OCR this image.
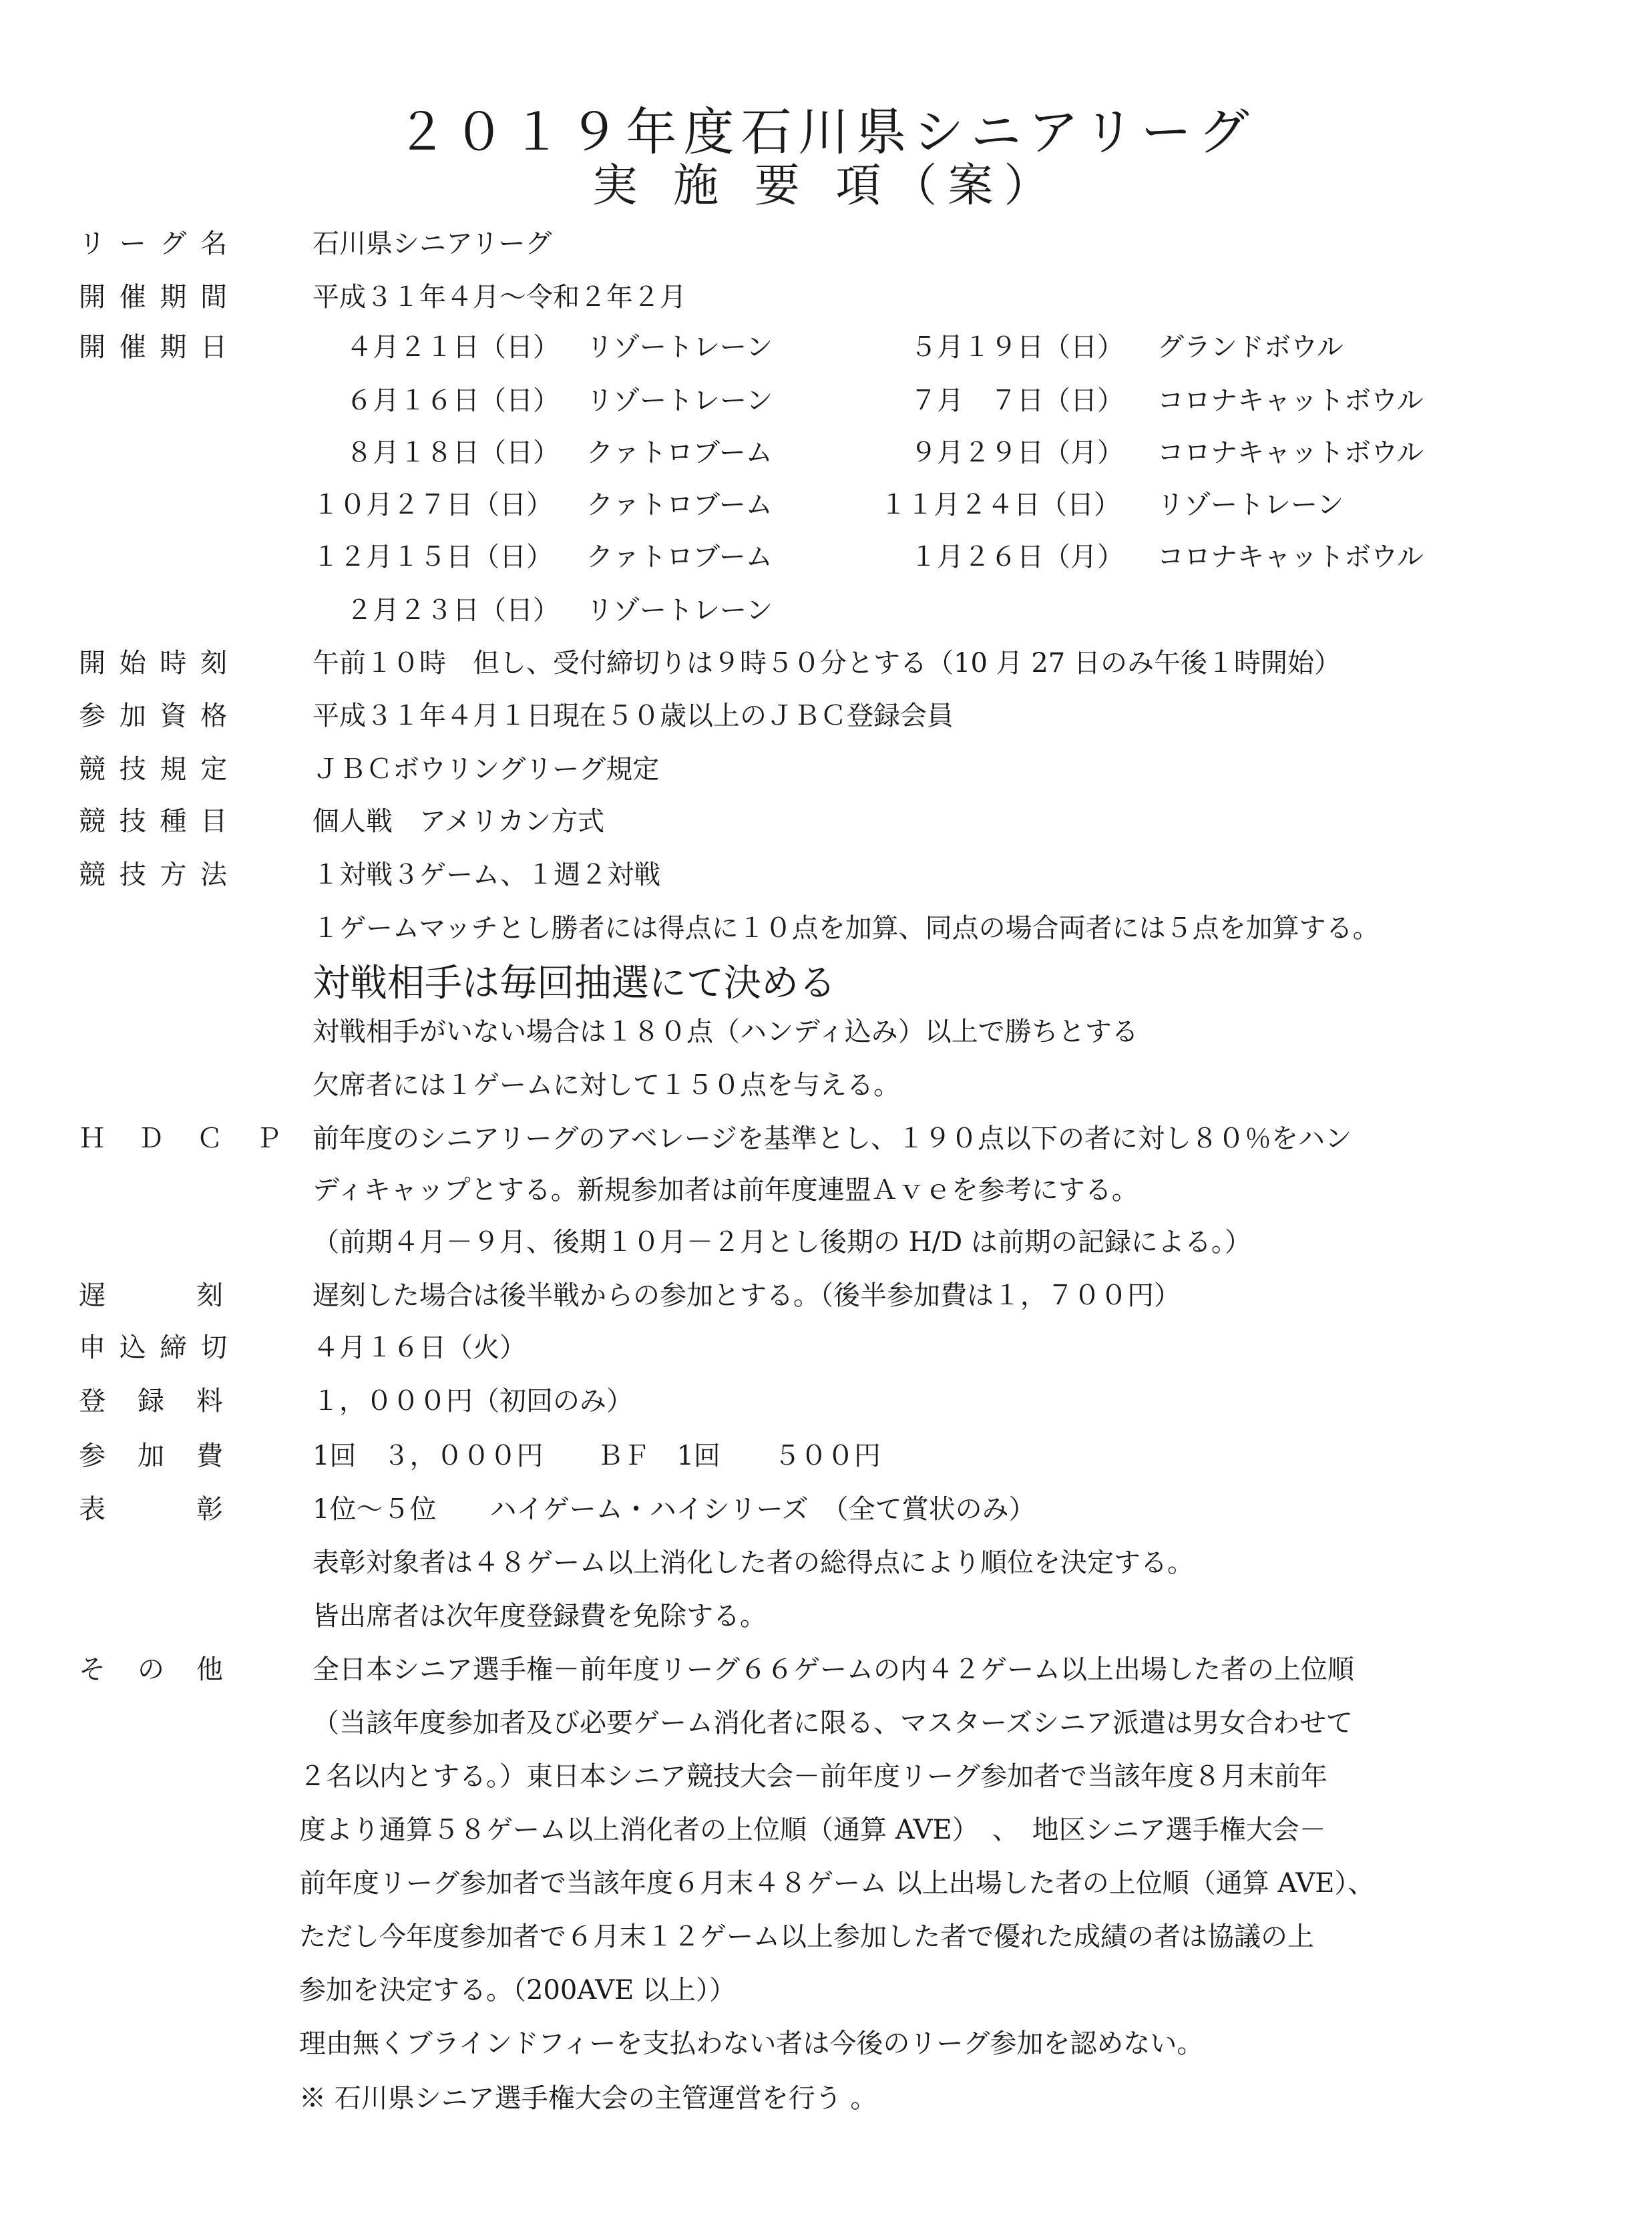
２０１９年度石川県シニアリーグ
実 施 要 項（案）
リ ー グ 名	石川県シニアリーグ
開 催 期 間	平成３１年４月～令和２年２月
開 催 期 日	４月２１日（日） リゾートレーン	５月１９日（日） グランドボウル
６月１６日（日） リゾートレーン	７月　７日（日） コロナキャットボウル
８月１８日（日） クァトロブーム	９月２９日（月） コロナキャットボウル
１０月２７日（日） クァトロブーム	１１月２４日（日） リゾートレーン
１２月１５日（日） クァトロブーム	１月２６日（月） コロナキャットボウル
２月２３日（日） リゾートレーン
開 始 時 刻	午前１０時　但し、受付締切りは９時５０分とする（10 月 27 日のみ午後１時開始）
参 加 資 格	平成３１年４月１日現在５０歳以上のＪＢＣ登録会員
競 技 規 定	ＪＢＣボウリングリーグ規定
競 技 種 目	個人戦　アメリカン方式
競 技 方 法	１対戦３ゲーム、１週２対戦
１ゲームマッチとし勝者には得点に１０点を加算、同点の場合両者には５点を加算する。
対戦相手は毎回抽選にて決める
対戦相手がいない場合は１８０点（ハンディ込み）以上で勝ちとする
欠席者には１ゲームに対して１５０点を与える。
Ｈ　Ｄ　Ｃ　Ｐ 前年度のシニアリーグのアベレージを基準とし、１９０点以下の者に対し８０％をハン
ディキャップとする。新規参加者は前年度連盟Ａｖｅを参考にする。
（前期４月－９月、後期１０月－２月とし後期の H/D は前期の記録による。）
遅　　　刻	遅刻した場合は後半戦からの参加とする。（後半参加費は１，７００円）
申 込 締 切	４月１６日（火）
登　録　料	１，０００円（初回のみ）
参　加　費	1回　３，０００円　　ＢＦ　1回　　５００円
表　　　彰	1位～５位　　ハイゲーム・ハイシリーズ　（全て賞状のみ）
表彰対象者は４８ゲーム以上消化した者の総得点により順位を決定する。
皆出席者は次年度登録費を免除する。
そ　の　他	全日本シニア選手権－前年度リーグ６６ゲームの内４２ゲーム以上出場した者の上位順
（当該年度参加者及び必要ゲーム消化者に限る、マスターズシニア派遣は男女合わせて
２名以内とする。）東日本シニア競技大会－前年度リーグ参加者で当該年度８月末前年
度より通算５８ゲーム以上消化者の上位順（通算 AVE）　、　地区シニア選手権大会－
前年度リーグ参加者で当該年度６月末４８ゲーム 以上出場した者の上位順（通算 AVE）、
ただし今年度参加者で６月末１２ゲーム以上参加した者で優れた成績の者は協議の上
参加を決定する。（200AVE 以上））
理由無くブラインドフィーを支払わない者は今後のリーグ参加を認めない。
※ 石川県シニア選手権大会の主管運営を行う 。
